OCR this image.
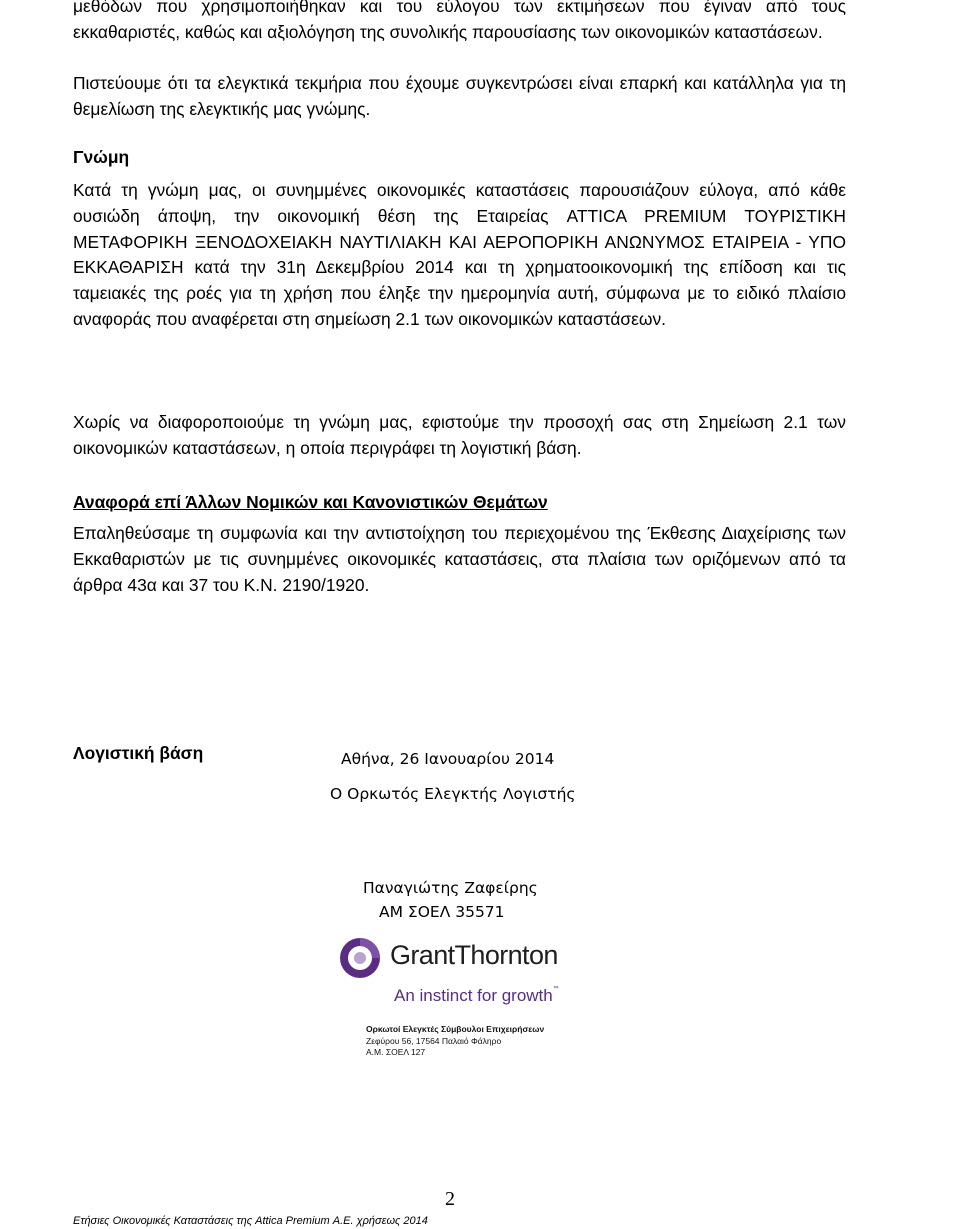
μεθόδων που χρησιμοποιήθηκαν και του εύλογου των εκτιμήσεων που έγιναν από τους εκκαθαριστές, καθώς και αξιολόγηση της συνολικής παρουσίασης των οικονομικών καταστάσεων.
Πιστεύουμε ότι τα ελεγκτικά τεκμήρια που έχουμε συγκεντρώσει είναι επαρκή και κατάλληλα για τη θεμελίωση της ελεγκτικής μας γνώμης.
Γνώμη
Κατά τη γνώμη μας, οι συνημμένες οικονομικές καταστάσεις παρουσιάζουν εύλογα, από κάθε ουσιώδη άποψη, την οικονομική θέση της Εταιρείας ATTICA PREMIUM ΤΟΥΡΙΣΤΙΚΗ ΜΕΤΑΦΟΡΙΚΗ ΞΕΝΟΔΟΧΕΙΑΚΗ ΝΑΥΤΙΛΙΑΚΗ ΚΑΙ ΑΕΡΟΠΟΡΙΚΗ ΑΝΩΝΥΜΟΣ ΕΤΑΙΡΕΙΑ - ΥΠΟ ΕΚΚΑΘΑΡΙΣΗ κατά την 31η Δεκεμβρίου 2014 και τη χρηματοοικονομική της επίδοση και τις ταμειακές της ροές για τη χρήση που έληξε την ημερομηνία αυτή, σύμφωνα με το ειδικό πλαίσιο αναφοράς που αναφέρεται στη σημείωση 2.1 των οικονομικών καταστάσεων.
Λογιστική βάση
Χωρίς να διαφοροποιούμε τη γνώμη μας, εφιστούμε την προσοχή σας στη Σημείωση 2.1 των οικονομικών καταστάσεων, η οποία περιγράφει τη λογιστική βάση.
Αναφορά επί Άλλων Νομικών και Κανονιστικών Θεμάτων
Επαληθεύσαμε τη συμφωνία και την αντιστοίχηση του περιεχομένου της Έκθεσης Διαχείρισης των Εκκαθαριστών με τις συνημμένες οικονομικές καταστάσεις, στα πλαίσια των οριζόμενων από τα άρθρα 43α και 37 του Κ.Ν. 2190/1920.
Αθήνα, 26 Ιανουαρίου 2014
Ο Ορκωτός Ελεγκτής Λογιστής
Παναγιώτης Ζαφείρης
ΑΜ ΣΟΕΛ 35571
GrantThornton
An instinct for growth™
Ορκωτοί Ελεγκτές Σύμβουλοι Επιχειρήσεων
Ζεφύρου 56, 17564 Παλαιό Φάληρο
Α.Μ. ΣΟΕΛ 127
2
Ετήσιες Οικονομικές Καταστάσεις της Attica Premium Α.Ε. χρήσεως 2014
